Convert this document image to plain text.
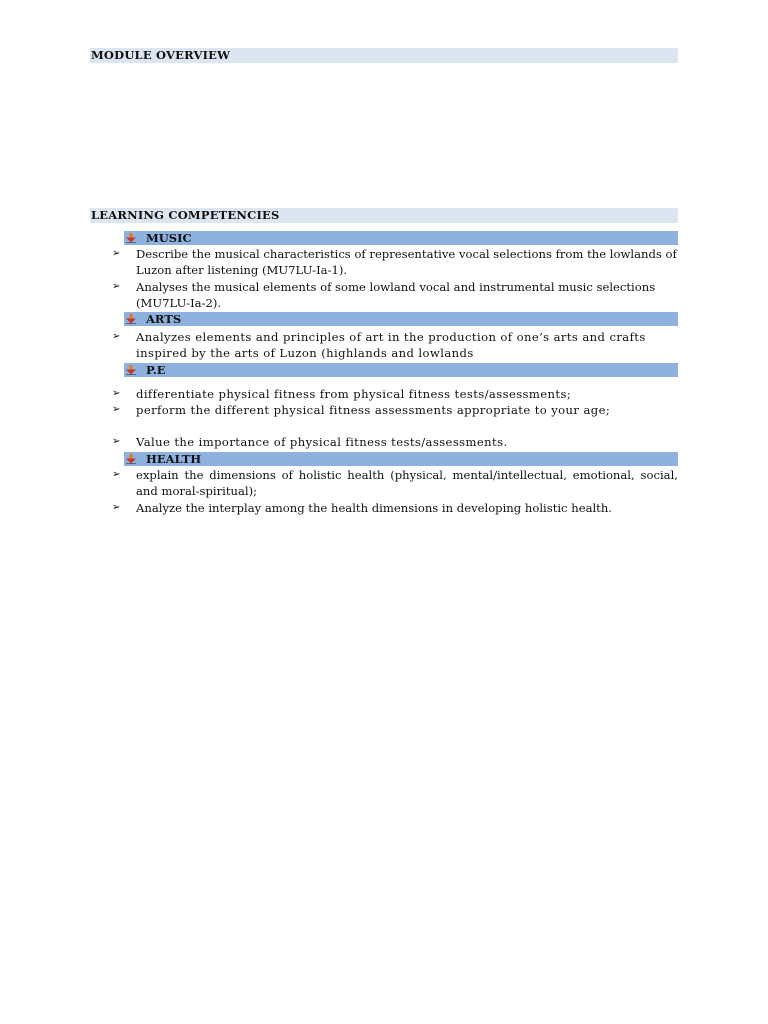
MODULE OVERVIEW
LEARNING COMPETENCIES
MUSIC
➢	Describe the musical characteristics of representative vocal selections from the lowlands of Luzon after listening (MU7LU-Ia-1).
➢	Analyses the musical elements of some lowland vocal and instrumental music selections (MU7LU-Ia-2).
ARTS
➢	Analyzes elements and principles of art in the production of one’s arts and crafts inspired by the arts of Luzon (highlands and lowlands
P.E
➢	differentiate physical fitness from physical fitness tests/assessments;
➢	perform the different physical fitness assessments appropriate to your age;
➢	Value the importance of physical fitness tests/assessments.
HEALTH
➢	explain the dimensions of holistic health (physical, mental/intellectual, emotional, social, and moral-spiritual);
➢	Analyze the interplay among the health dimensions in developing holistic health.
